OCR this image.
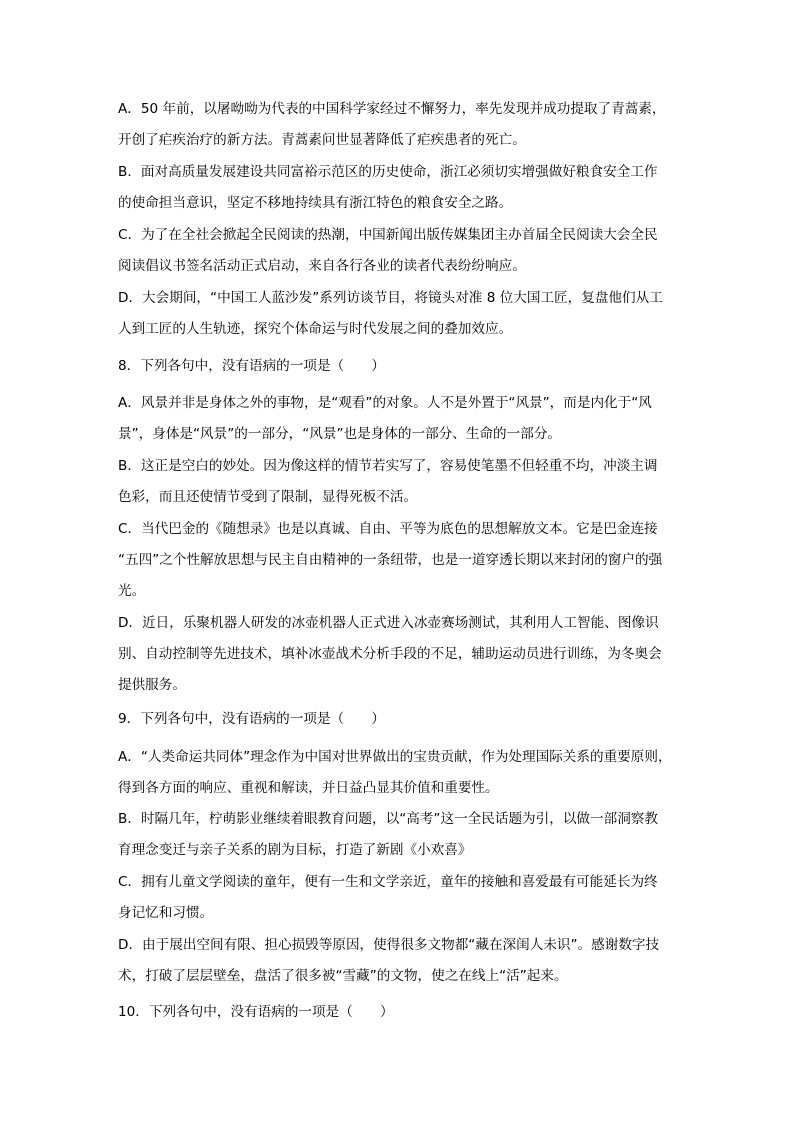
A．50 年前，以屠呦呦为代表的中国科学家经过不懈努力，率先发现并成功提取了青蒿素，
开创了疟疾治疗的新方法。青蒿素问世显著降低了疟疾患者的死亡。
B．面对高质量发展建设共同富裕示范区的历史使命，浙江必须切实增强做好粮食安全工作
的使命担当意识，坚定不移地持续具有浙江特色的粮食安全之路。
C．为了在全社会掀起全民阅读的热潮，中国新闻出版传媒集团主办首届全民阅读大会全民
阅读倡议书签名活动正式启动，来自各行各业的读者代表纷纷响应。
D．大会期间，“中国工人蓝沙发”系列访谈节目，将镜头对准 8 位大国工匠，复盘他们从工
人到工匠的人生轨迹，探究个体命运与时代发展之间的叠加效应。
8．下列各句中，没有语病的一项是（　　）
A．风景并非是身体之外的事物，是“观看”的对象。人不是外置于“风景”，而是内化于“风
景”，身体是“风景”的一部分，“风景”也是身体的一部分、生命的一部分。
B．这正是空白的妙处。因为像这样的情节若实写了，容易使笔墨不但轻重不均，冲淡主调
色彩，而且还使情节受到了限制，显得死板不活。
C．当代巴金的《随想录》也是以真诚、自由、平等为底色的思想解放文本。它是巴金连接
“五四”之个性解放思想与民主自由精神的一条纽带，也是一道穿透长期以来封闭的窗户的强
光。
D．近日，乐聚机器人研发的冰壶机器人正式进入冰壶赛场测试，其利用人工智能、图像识
别、自动控制等先进技术，填补冰壶战术分析手段的不足，辅助运动员进行训练，为冬奥会
提供服务。
9．下列各句中，没有语病的一项是（　　）
A．“人类命运共同体”理念作为中国对世界做出的宝贵贡献，作为处理国际关系的重要原则，
得到各方面的响应、重视和解读，并日益凸显其价值和重要性。
B．时隔几年，柠萌影业继续着眼教育问题，以“高考”这一全民话题为引，以做一部洞察教
育理念变迁与亲子关系的剧为目标，打造了新剧《小欢喜》
C．拥有儿童文学阅读的童年，便有一生和文学亲近，童年的接触和喜爱最有可能延长为终
身记忆和习惯。
D．由于展出空间有限、担心损毁等原因，使得很多文物都“藏在深闺人未识”。感谢数字技
术，打破了层层壁垒，盘活了很多被“雪藏”的文物，使之在线上“活”起来。
10．下列各句中，没有语病的一项是（　　）
